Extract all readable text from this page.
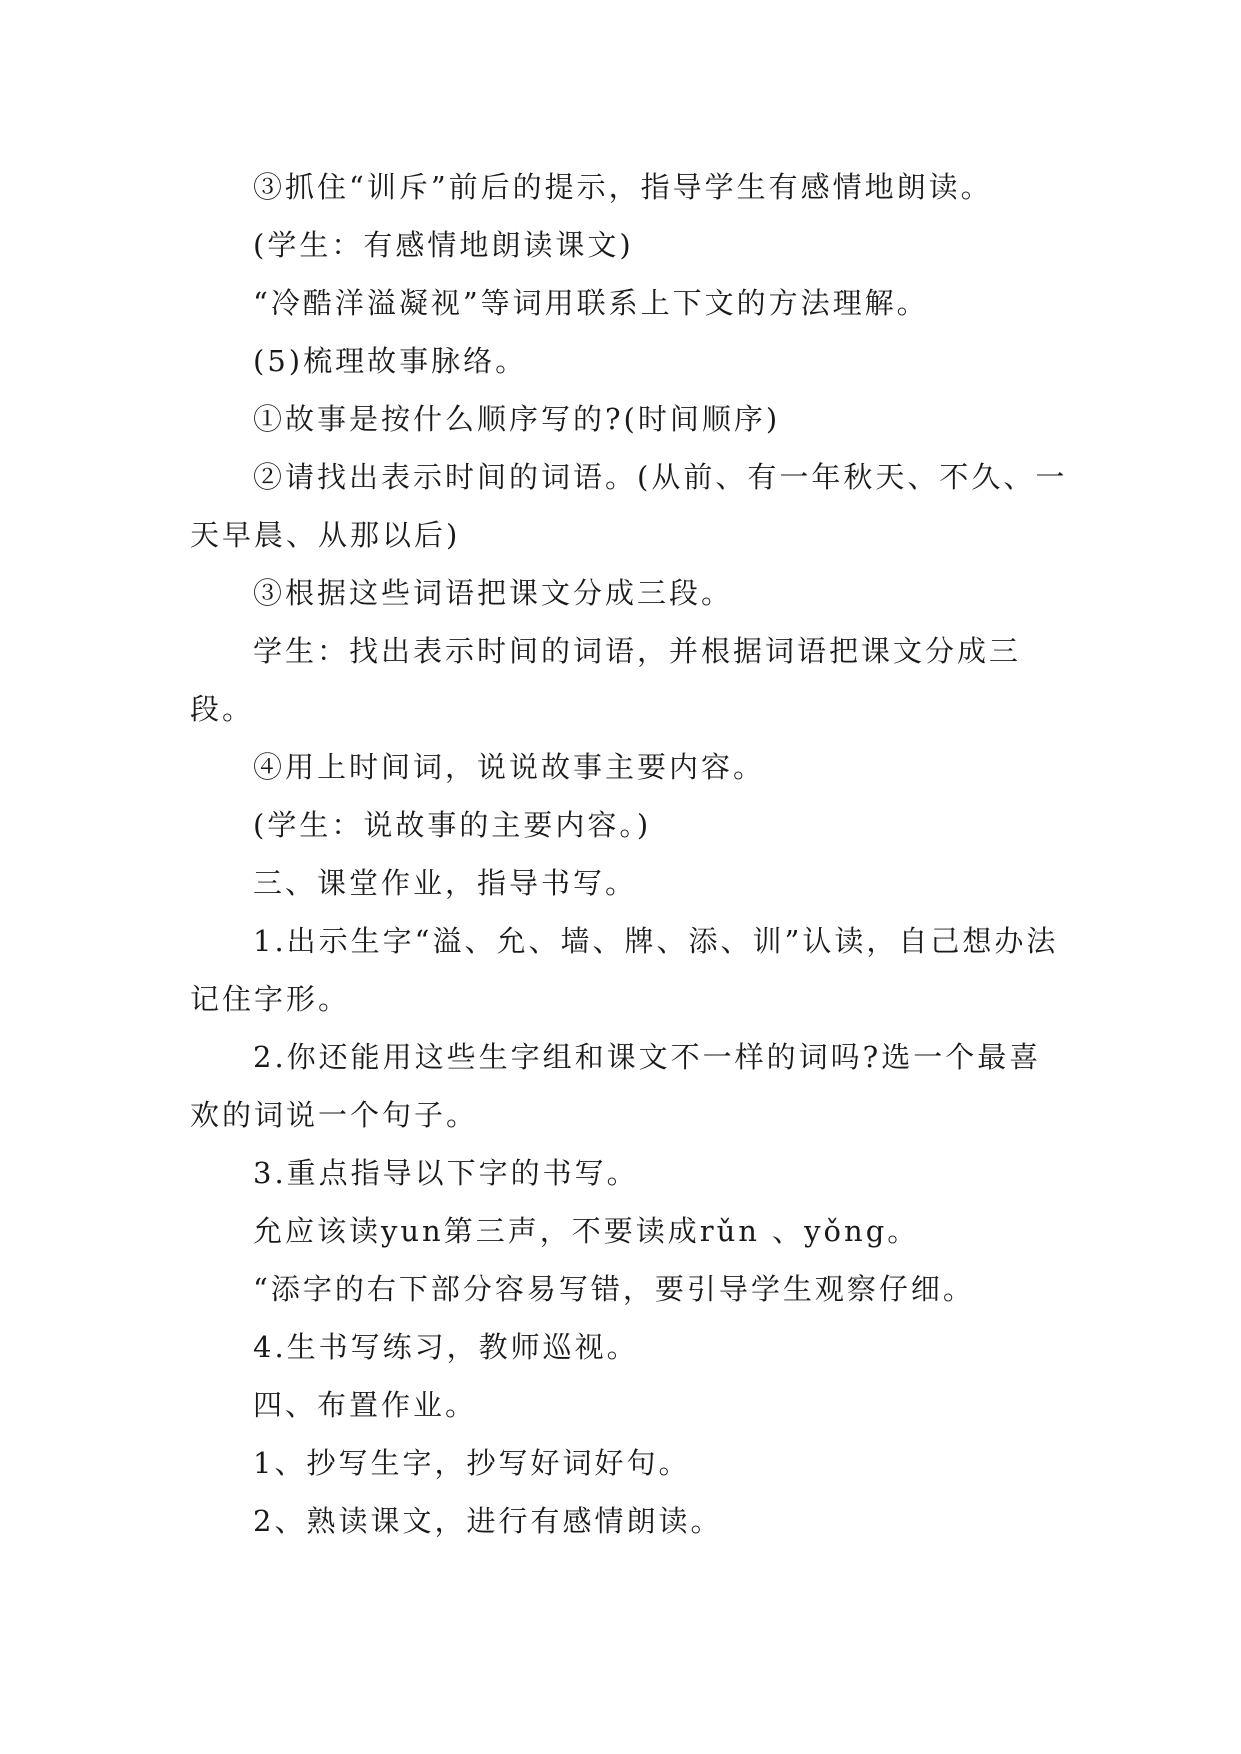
③抓住“训斥”前后的提示，指导学生有感情地朗读。

(学生：有感情地朗读课文)

“冷酷洋溢凝视”等词用联系上下文的方法理解。

(5)梳理故事脉络。

①故事是按什么顺序写的?(时间顺序)

②请找出表示时间的词语。(从前、有一年秋天、不久、一天早晨、从那以后)

③根据这些词语把课文分成三段。

学生：找出表示时间的词语，并根据词语把课文分成三段。

④用上时间词，说说故事主要内容。

(学生：说故事的主要内容。)

三、课堂作业，指导书写。

1.出示生字“溢、允、墙、牌、添、训”认读，自己想办法记住字形。

2.你还能用这些生字组和课文不一样的词吗?选一个最喜欢的词说一个句子。

3.重点指导以下字的书写。

允应该读yun第三声，不要读成rǔn 、yǒng。

“添字的右下部分容易写错，要引导学生观察仔细。

4.生书写练习，教师巡视。

四、布置作业。

1、抄写生字，抄写好词好句。

2、熟读课文，进行有感情朗读。
